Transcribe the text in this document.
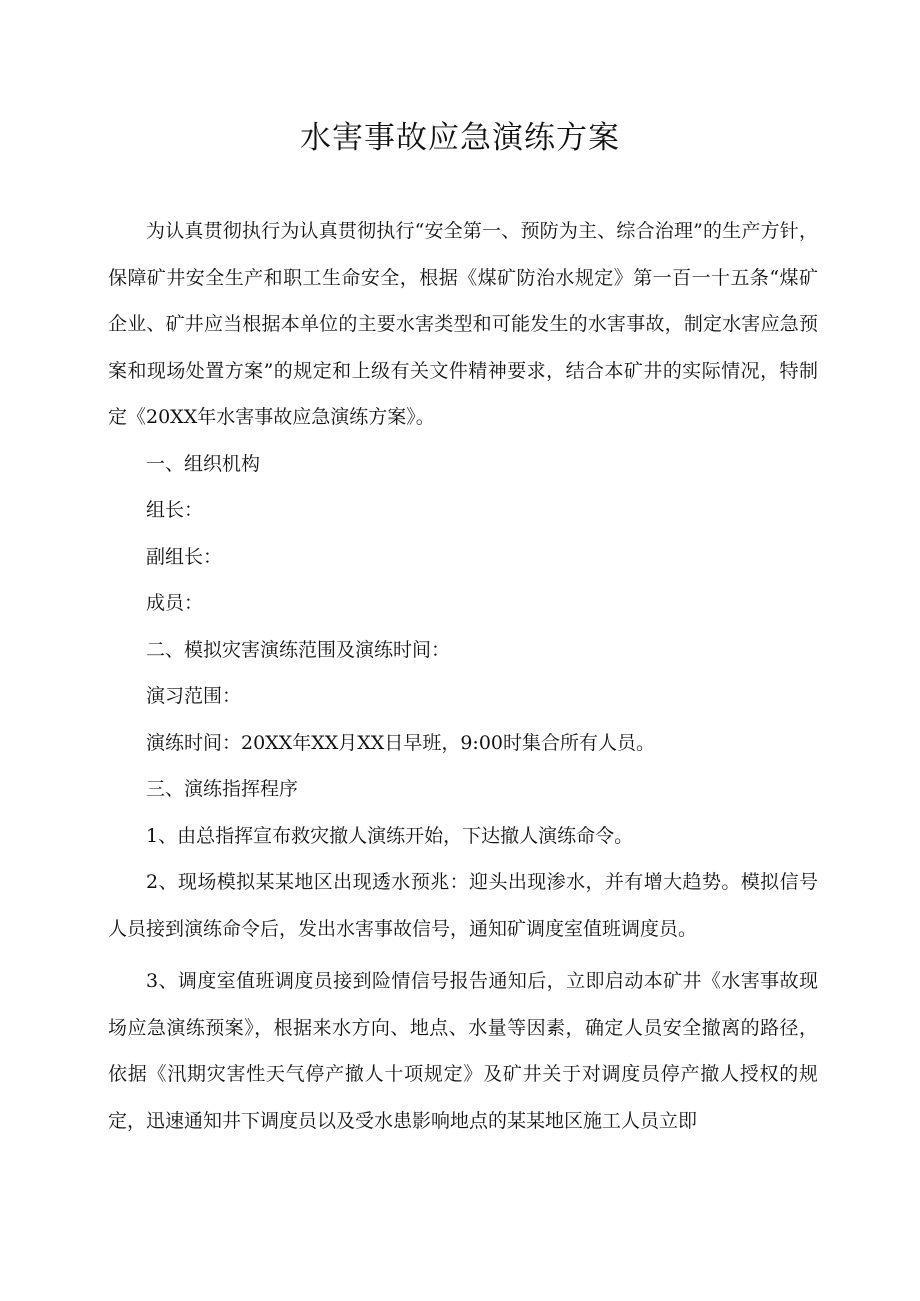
水害事故应急演练方案

为认真贯彻执行为认真贯彻执行“安全第一、预防为主、综合治理”的生产方针，保障矿井安全生产和职工生命安全，根据《煤矿防治水规定》第一百一十五条“煤矿企业、矿井应当根据本单位的主要水害类型和可能发生的水害事故，制定水害应急预案和现场处置方案”的规定和上级有关文件精神要求，结合本矿井的实际情况，特制定《20XX年水害事故应急演练方案》。

一、组织机构

组长：

副组长：

成员：

二、模拟灾害演练范围及演练时间：

演习范围：

演练时间：20XX年XX月XX日早班，9:00时集合所有人员。

三、演练指挥程序

1、由总指挥宣布救灾撤人演练开始，下达撤人演练命令。

2、现场模拟某某地区出现透水预兆：迎头出现渗水，并有增大趋势。模拟信号人员接到演练命令后，发出水害事故信号，通知矿调度室值班调度员。

3、调度室值班调度员接到险情信号报告通知后，立即启动本矿井《水害事故现场应急演练预案》，根据来水方向、地点、水量等因素，确定人员安全撤离的路径，依据《汛期灾害性天气停产撤人十项规定》及矿井关于对调度员停产撤人授权的规定，迅速通知井下调度员以及受水患影响地点的某某地区施工人员立即
